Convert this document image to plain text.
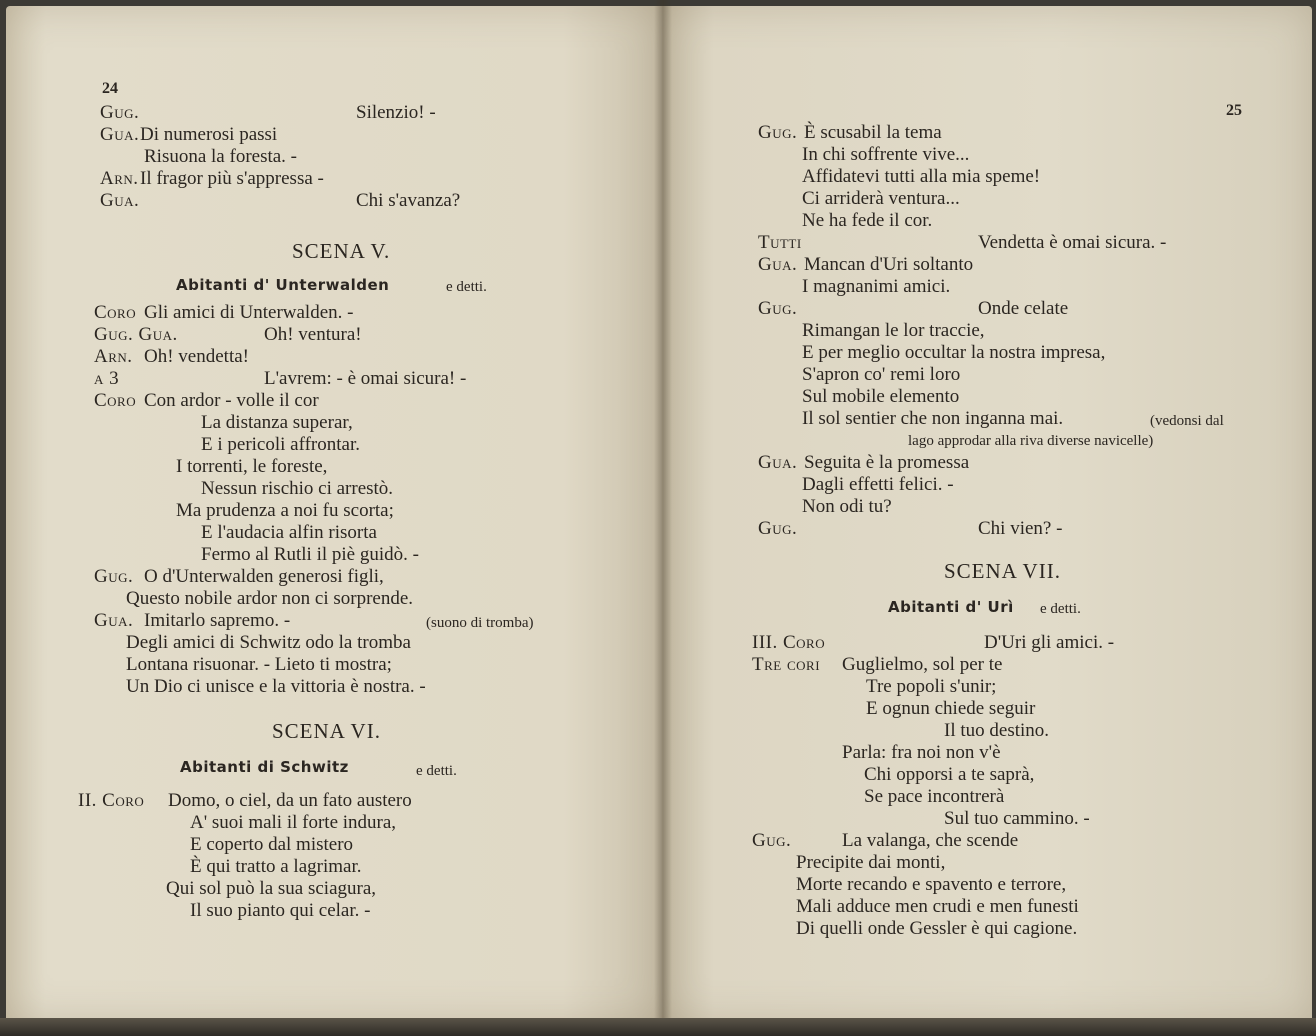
24
Gug.	Silenzio! -
Gua. Di numerosi passi
Risuona la foresta. -
Arn. Il fragor più s'appressa -
Gua.	Chi s'avanza?
SCENA V.
Abitanti d' Unterwalden	e detti.
Coro Gli amici di Unterwalden. -
Gug. Gua.	Oh! ventura!
Arn. Oh! vendetta!
a 3	L'avrem: - è omai sicura! -
Coro Con ardor - volle il cor
La distanza superar,
E i pericoli affrontar.
I torrenti, le foreste,
Nessun rischio ci arrestò.
Ma prudenza a noi fu scorta;
E l'audacia alfin risorta
Fermo al Rutli il piè guidò. -
Gug. O d'Unterwalden generosi figli,
Questo nobile ardor non ci sorprende.
Gua. Imitarlo sapremo. -	(suono di tromba)
Degli amici di Schwitz odo la tromba
Lontana risuonar. - Lieto ti mostra;
Un Dio ci unisce e la vittoria è nostra. -
SCENA VI.
Abitanti di Schwitz	e detti.
II. Coro Domo, o ciel, da un fato austero
A' suoi mali il forte indura,
E coperto dal mistero
È qui tratto a lagrimar.
Qui sol può la sua sciagura,
Il suo pianto qui celar. -
25
Gug. È scusabil la tema
In chi soffrente vive...
Affidatevi tutti alla mia speme!
Ci arriderà ventura...
Ne ha fede il cor.
Tutti	Vendetta è omai sicura. -
Gua. Mancan d'Uri soltanto
I magnanimi amici.
Gug.	Onde celate
Rimangan le lor traccie,
E per meglio occultar la nostra impresa,
S'apron co' remi loro
Sul mobile elemento
Il sol sentier che non inganna mai.	(vedonsi dal
lago approdar alla riva diverse navicelle)
Gua. Seguita è la promessa
Dagli effetti felici. -
Non odi tu?
Gug.	Chi vien? -
SCENA VII.
Abitanti d' Urì e detti.
III. Coro	D'Uri gli amici. -
Tre cori Guglielmo, sol per te
Tre popoli s'unir;
E ognun chiede seguir
Il tuo destino.
Parla: fra noi non v'è
Chi opporsi a te saprà,
Se pace incontrerà
Sul tuo cammino. -
Gug.	La valanga, che scende
Precipite dai monti,
Morte recando e spavento e terrore,
Mali adduce men crudi e men funesti
Di quelli onde Gessler è qui cagione.
